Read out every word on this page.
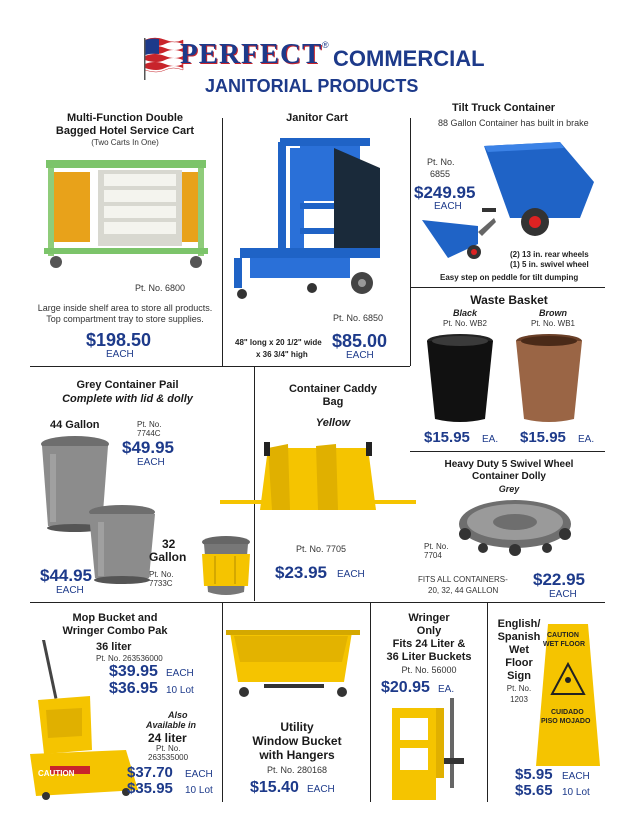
PERFECT ®
COMMERCIAL
JANITORIAL PRODUCTS
Multi-Function Double
Bagged Hotel Service Cart
(Two Carts In One)
Pt. No. 6800
Large inside shelf area to store all products.
Top compartment tray to store supplies.
$198.50
EACH
Janitor Cart
Pt. No. 6850
48" long x 20 1/2" wide
x 36 3/4" high
$85.00
EACH
Tilt Truck Container
88 Gallon Container has built in brake
Pt. No.
6855
$249.95
EACH
(2) 13 in. rear wheels
(1) 5 in. swivel wheel
Easy step on peddle for tilt dumping
Waste Basket
Black
Pt. No. WB2
Brown
Pt. No. WB1
$15.95 EA. $15.95 EA.
Grey Container Pail
Complete with lid & dolly
44 Gallon	Pt. No.
7744C
$49.95
EACH
32
Gallon
Pt. No.
7733C
$44.95
EACH
Container Caddy
Bag
Yellow
Pt. No. 7705
$23.95 EACH
Heavy Duty 5 Swivel Wheel
Container Dolly
Grey
Pt. No.
7704
FITS ALL CONTAINERS-
20, 32, 44 GALLON
$22.95
EACH
Mop Bucket and
Wringer Combo Pak
36 liter
Pt. No. 263536000
$39.95 EACH
$36.95 10 Lot
CAUTION
Also
Available in
24 liter
Pt. No.
263535000
$37.70 EACH
$35.95 10 Lot
Utility
Window Bucket
with Hangers
Pt. No. 280168
$15.40 EACH
Wringer
Only
Fits 24 Liter &
36 Liter Buckets
Pt. No. 56000
$20.95 EA.
English/
Spanish
Wet
Floor
Sign
Pt. No.
1203
CAUTION
WET FLOOR
CUIDADO
PISO MOJADO
$5.95 EACH
$5.65 10 Lot
